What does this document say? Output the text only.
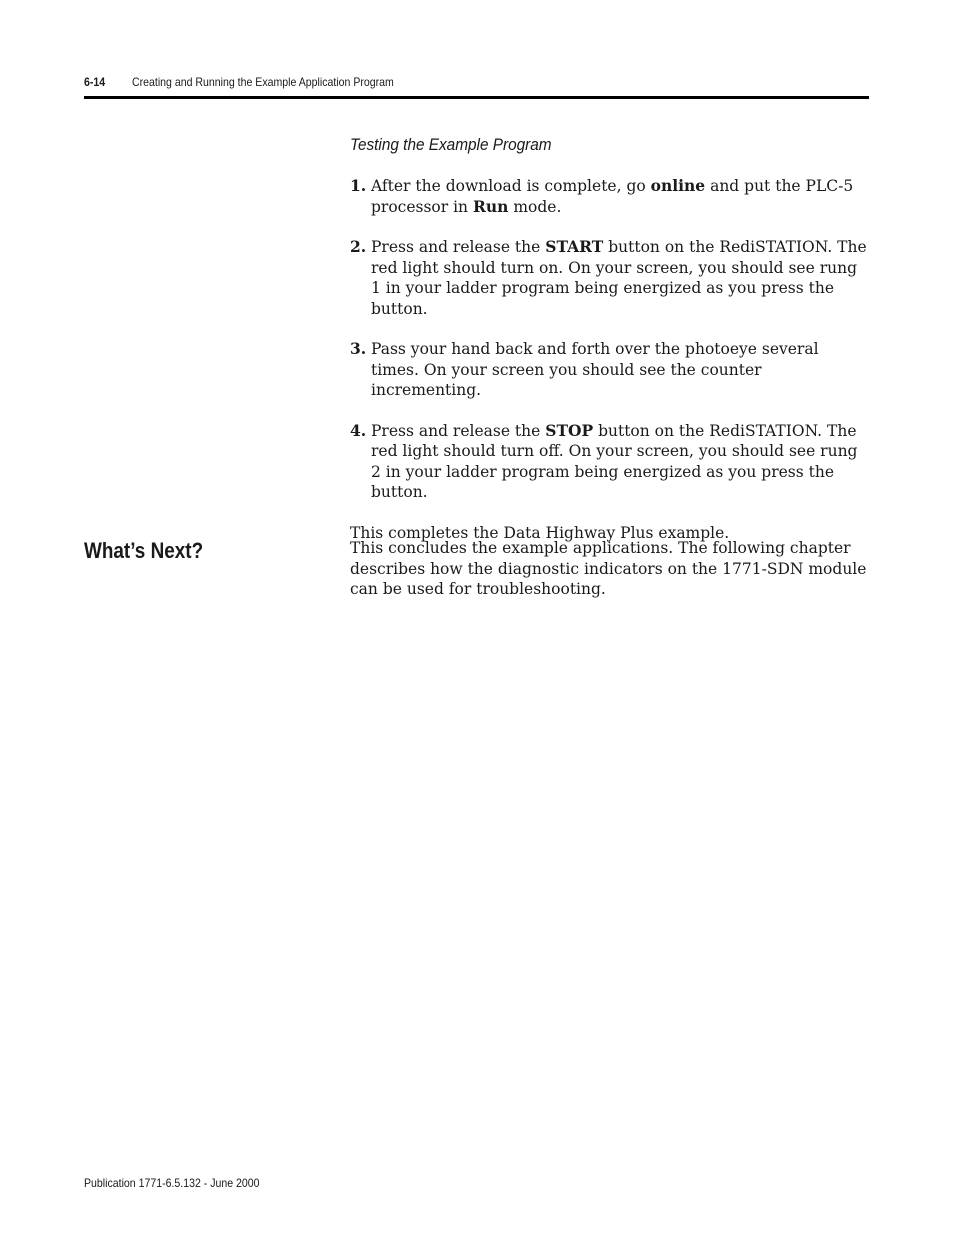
6-14 Creating and Running the Example Application Program
Testing the Example Program
1. After the download is complete, go online and put the PLC-5 processor in Run mode.
2. Press and release the START button on the RediSTATION. The red light should turn on. On your screen, you should see rung 1 in your ladder program being energized as you press the button.
3. Pass your hand back and forth over the photoeye several times. On your screen you should see the counter incrementing.
4. Press and release the STOP button on the RediSTATION. The red light should turn off. On your screen, you should see rung 2 in your ladder program being energized as you press the button.

This completes the Data Highway Plus example.

What’s Next?	This concludes the example applications. The following chapter describes how the diagnostic indicators on the 1771-SDN module can be used for troubleshooting.

Publication 1771-6.5.132 - June 2000
